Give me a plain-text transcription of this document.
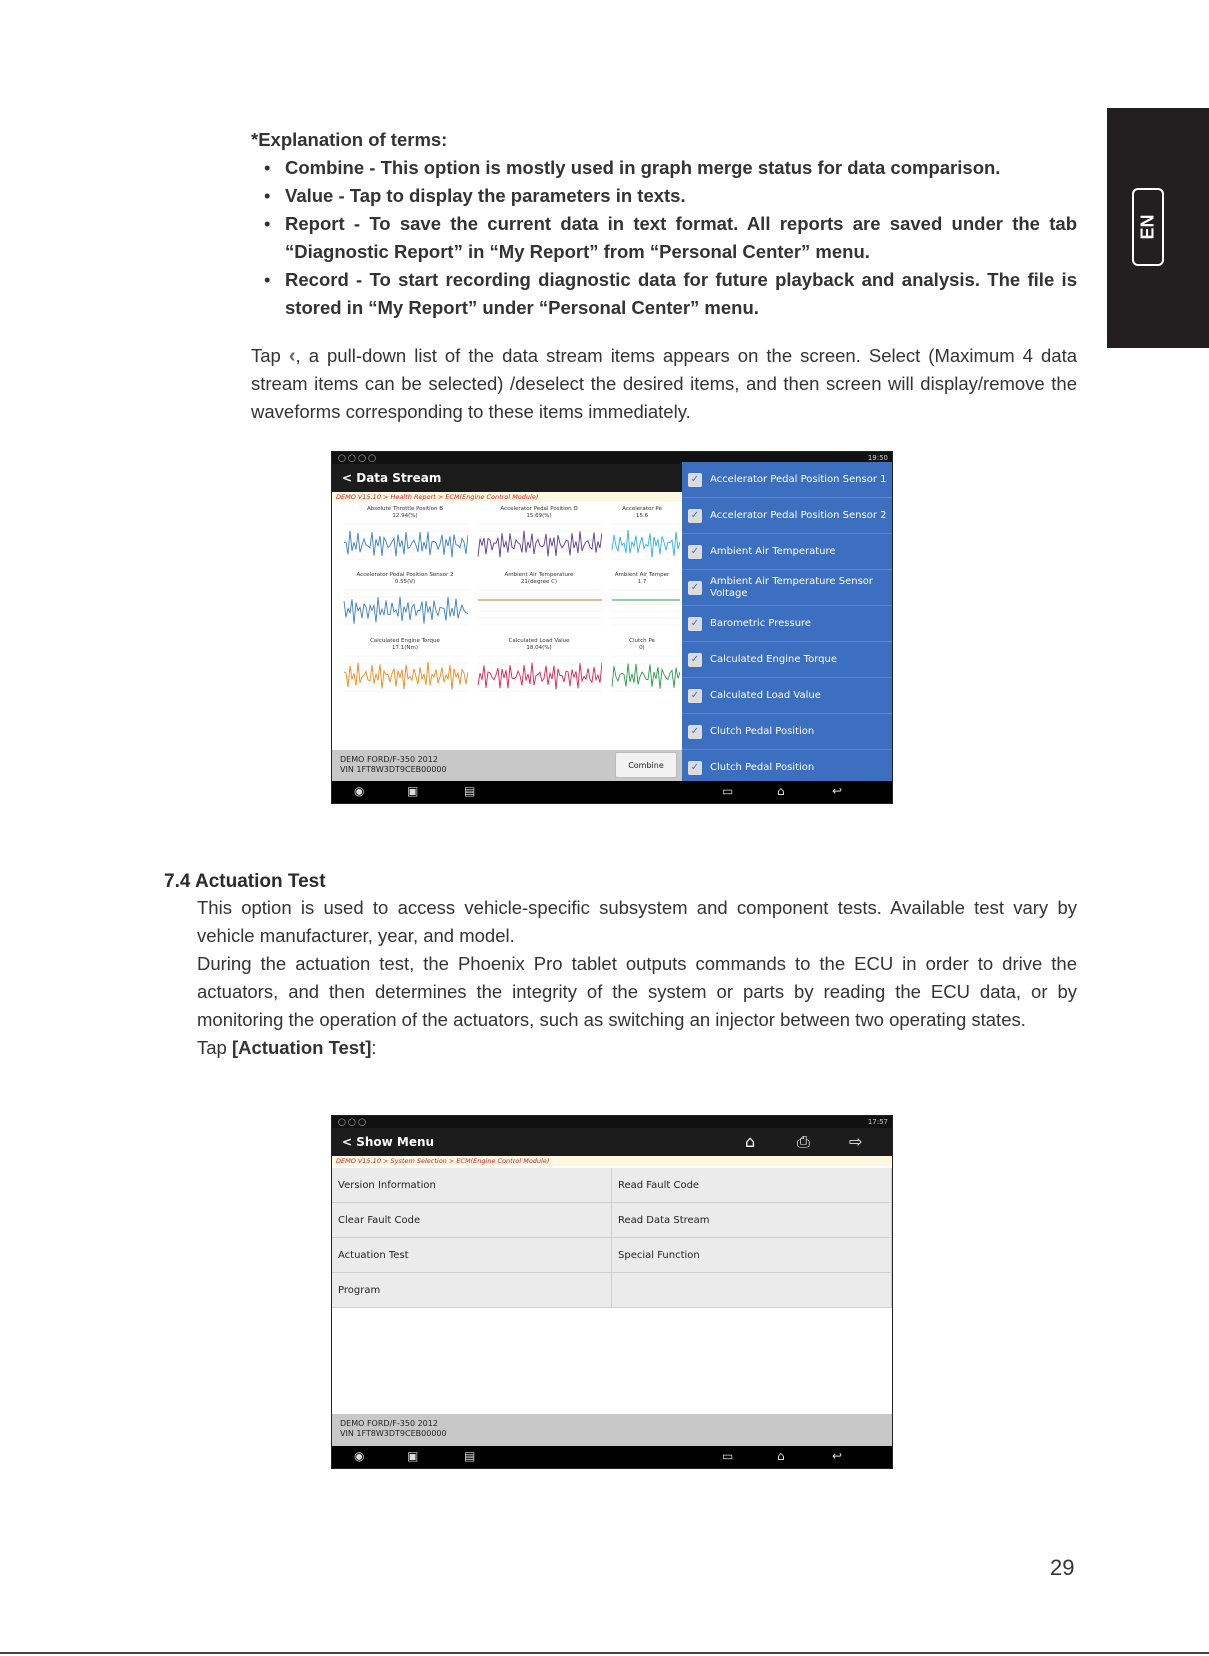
EN
*Explanation of terms:
• Combine - This option is mostly used in graph merge status for data comparison.
• Value - Tap to display the parameters in texts.
• Report - To save the current data in text format. All reports are saved under the tab “Diagnostic Report” in “My Report” from “Personal Center” menu.
• Record - To start recording diagnostic data for future playback and analysis. The file is stored in “My Report” under “Personal Center” menu.
Tap ‹, a pull-down list of the data stream items appears on the screen. Select (Maximum 4 data stream items can be selected) /deselect the desired items, and then screen will display/remove the waveforms corresponding to these items immediately.
◯ ◯ ◯ ◯	19:50
< Data Stream
DEMO V15.10 > Health Report > ECM(Engine Control Module)
Absolute Throttle Position B
12.94(%)
Accelerator Pedal Position D
15.69(%)
Accelerator Pe
15.6
Accelerator Pedal Position Sensor 2
0.55(V)
Ambient Air Temperature
21(degree C)
Ambient Air Temper
1.7
Calculated Engine Torque
17.1(Nm)
Calculated Load Value
18.04(%)
Clutch Pe
0(
✓ Accelerator Pedal Position Sensor 1
✓ Accelerator Pedal Position Sensor 2
✓ Ambient Air Temperature
✓
Ambient Air Temperature Sensor Voltage
✓ Barometric Pressure
✓ Calculated Engine Torque
✓ Calculated Load Value
✓ Clutch Pedal Position
✓ Clutch Pedal Position
DEMO FORD/F-350 2012
VIN 1FT8W3DT9CEB00000	Combine
◉	▣	▤	▭	⌂	↩
7.4 Actuation Test
This option is used to access vehicle-specific subsystem and component tests. Available test vary by vehicle manufacturer, year, and model.
During the actuation test, the Phoenix Pro tablet outputs commands to the ECU in order to drive the actuators, and then determines the integrity of the system or parts by reading the ECU data, or by monitoring the operation of the actuators, such as switching an injector between two operating states.
Tap [Actuation Test]:
◯ ◯ ◯	17:57
< Show Menu	⌂	⎙ ⇨
DEMO V15.10 > System Selection > ECM(Engine Control Module)
Version Information	Read Fault Code
Clear Fault Code	Read Data Stream
Actuation Test	Special Function
Program
DEMO FORD/F-350 2012
VIN 1FT8W3DT9CEB00000
◉	▣	▤	▭	⌂	↩
29
